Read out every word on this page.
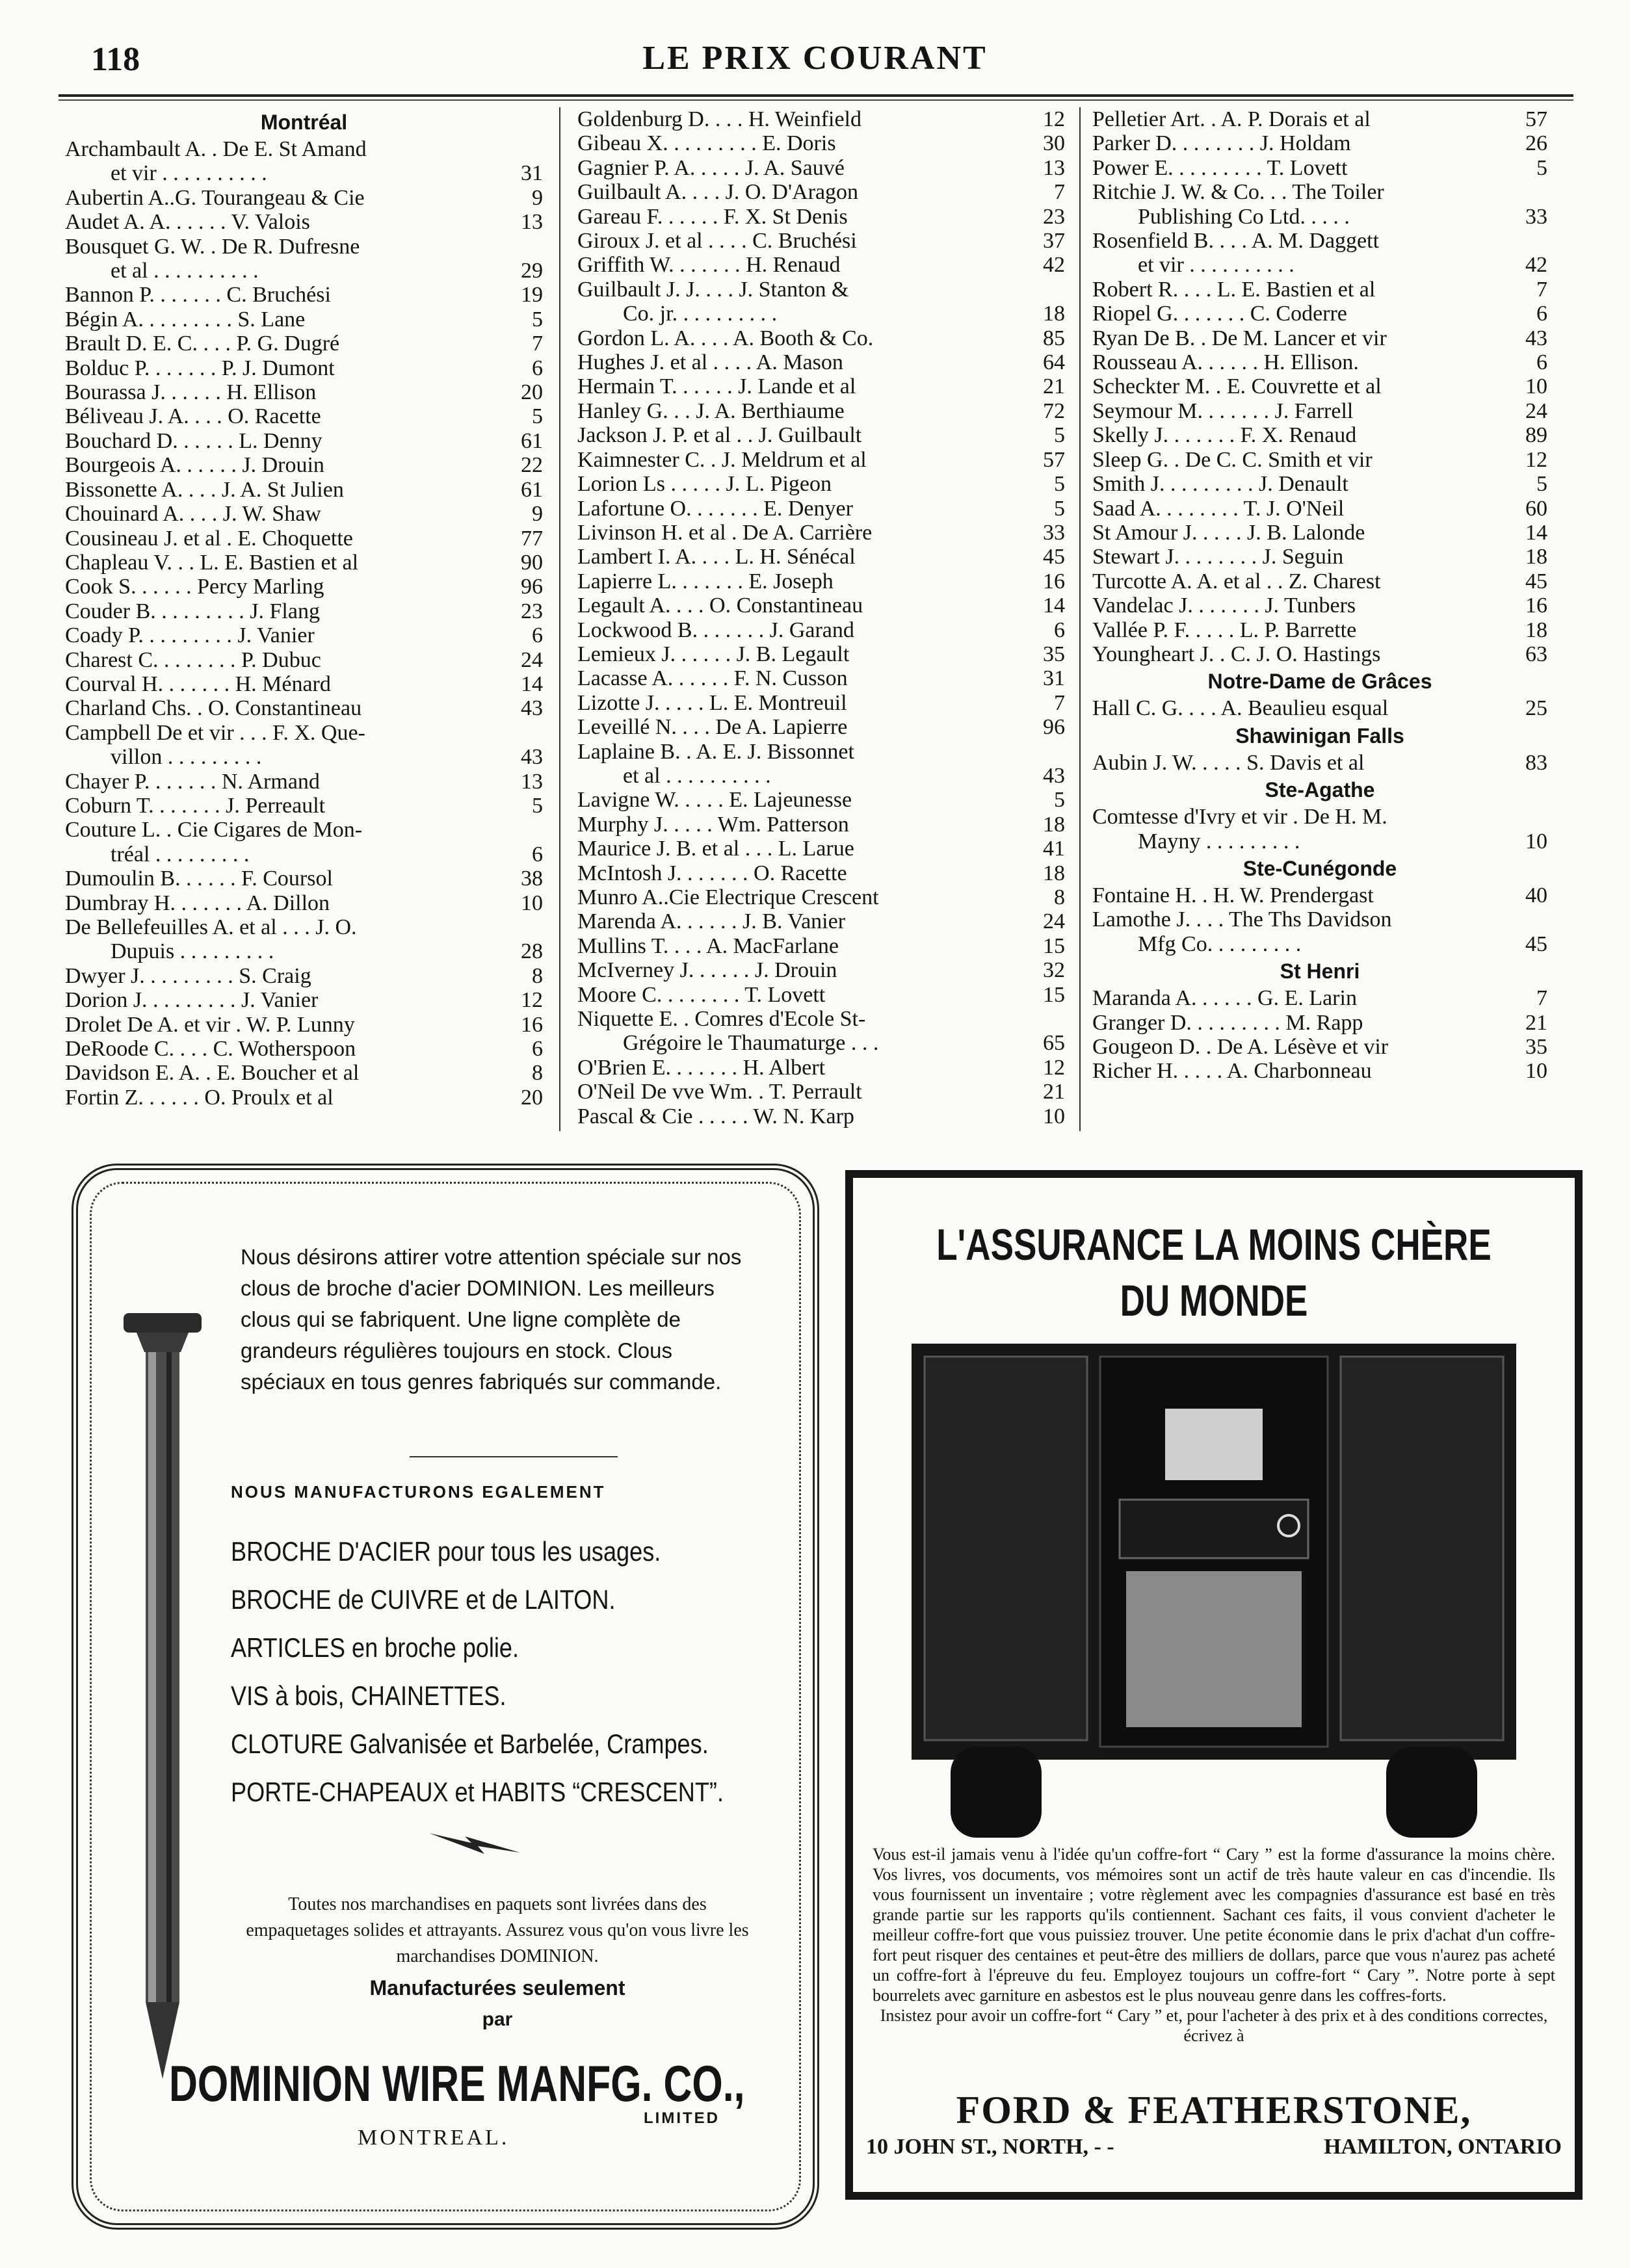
LE PRIX COURANT
118
Montréal
Archambault A. . De E. St Amand
et vir . . . . . . . . . .	31
Aubertin A..G. Tourangeau & Cie	9
Audet A. A. . . . . . V. Valois	13
Bousquet G. W. . De R. Dufresne
et al . . . . . . . . . .	29
Bannon P. . . . . . . C. Bruchési	19
Bégin A. . . . . . . . . S. Lane	5
Brault D. E. C. . . . P. G. Dugré	7
Bolduc P. . . . . . . P. J. Dumont	6
Bourassa J. . . . . . H. Ellison	20
Béliveau J. A. . . . O. Racette	5
Bouchard D. . . . . . L. Denny	61
Bourgeois A. . . . . . J. Drouin	22
Bissonette A. . . . J. A. St Julien	61
Chouinard A. . . . J. W. Shaw	9
Cousineau J. et al . E. Choquette	77
Chapleau V. . . L. E. Bastien et al	90
Cook S. . . . . . Percy Marling	96
Couder B. . . . . . . . . J. Flang	23
Coady P. . . . . . . . . J. Vanier	6
Charest C. . . . . . . . P. Dubuc	24
Courval H. . . . . . . H. Ménard	14
Charland Chs. . O. Constantineau	43
Campbell De et vir . . . F. X. Que-
villon . . . . . . . . .	43
Chayer P. . . . . . . N. Armand	13
Coburn T. . . . . . . J. Perreault	5
Couture L. . Cie Cigares de Mon-
tréal . . . . . . . . .	6
Dumoulin B. . . . . . F. Coursol	38
Dumbray H. . . . . . . A. Dillon	10
De Bellefeuilles A. et al . . . J. O.
Dupuis . . . . . . . . .	28
Dwyer J. . . . . . . . . S. Craig	8
Dorion J. . . . . . . . . J. Vanier	12
Drolet De A. et vir . W. P. Lunny	16
DeRoode C. . . . C. Wotherspoon	6
Davidson E. A. . E. Boucher et al	8
Fortin Z. . . . . . O. Proulx et al	20
Goldenburg D. . . . H. Weinfield	12
Gibeau X. . . . . . . . . E. Doris	30
Gagnier P. A. . . . . J. A. Sauvé	13
Guilbault A. . . . J. O. D'Aragon	7
Gareau F. . . . . . F. X. St Denis	23
Giroux J. et al . . . . C. Bruchési	37
Griffith W. . . . . . . H. Renaud	42
Guilbault J. J. . . . J. Stanton &
Co. jr. . . . . . . . . .	18
Gordon L. A. . . . A. Booth & Co.	85
Hughes J. et al . . . . A. Mason	64
Hermain T. . . . . . J. Lande et al	21
Hanley G. . . J. A. Berthiaume	72
Jackson J. P. et al . . J. Guilbault	5
Kaimnester C. . J. Meldrum et al	57
Lorion Ls . . . . . J. L. Pigeon	5
Lafortune O. . . . . . . E. Denyer	5
Livinson H. et al . De A. Carrière	33
Lambert I. A. . . . L. H. Sénécal	45
Lapierre L. . . . . . . E. Joseph	16
Legault A. . . . O. Constantineau	14
Lockwood B. . . . . . . J. Garand	6
Lemieux J. . . . . . J. B. Legault	35
Lacasse A. . . . . . F. N. Cusson	31
Lizotte J. . . . . L. E. Montreuil	7
Leveillé N. . . . De A. Lapierre	96
Laplaine B. . A. E. J. Bissonnet
et al . . . . . . . . . .	43
Lavigne W. . . . . E. Lajeunesse	5
Murphy J. . . . . Wm. Patterson	18
Maurice J. B. et al . . . L. Larue	41
McIntosh J. . . . . . . O. Racette	18
Munro A..Cie Electrique Crescent	8
Marenda A. . . . . . J. B. Vanier	24
Mullins T. . . . A. MacFarlane	15
McIverney J. . . . . . J. Drouin	32
Moore C. . . . . . . . T. Lovett	15
Niquette E. . Comres d'Ecole St-
Grégoire le Thaumaturge . . .	65
O'Brien E. . . . . . . H. Albert	12
O'Neil De vve Wm. . T. Perrault	21
Pascal & Cie . . . . . W. N. Karp	10
Pelletier Art. . A. P. Dorais et al	57
Parker D. . . . . . . . J. Holdam	26
Power E. . . . . . . . . T. Lovett	5
Ritchie J. W. & Co. . . The Toiler
Publishing Co Ltd. . . . .	33
Rosenfield B. . . . A. M. Daggett
et vir . . . . . . . . . .	42
Robert R. . . . L. E. Bastien et al	7
Riopel G. . . . . . . C. Coderre	6
Ryan De B. . De M. Lancer et vir	43
Rousseau A. . . . . . H. Ellison.	6
Scheckter M. . E. Couvrette et al	10
Seymour M. . . . . . . J. Farrell	24
Skelly J. . . . . . . F. X. Renaud	89
Sleep G. . De C. C. Smith et vir	12
Smith J. . . . . . . . . J. Denault	5
Saad A. . . . . . . . T. J. O'Neil	60
St Amour J. . . . . J. B. Lalonde	14
Stewart J. . . . . . . . J. Seguin	18
Turcotte A. A. et al . . Z. Charest	45
Vandelac J. . . . . . . J. Tunbers	16
Vallée P. F. . . . . L. P. Barrette	18
Youngheart J. . C. J. O. Hastings	63
Notre-Dame de Grâces
Hall C. G. . . . A. Beaulieu esqual	25
Shawinigan Falls
Aubin J. W. . . . . S. Davis et al	83
Ste-Agathe
Comtesse d'Ivry et vir . De H. M.
Mayny . . . . . . . . .	10
Ste-Cunégonde
Fontaine H. . H. W. Prendergast	40
Lamothe J. . . . The Ths Davidson
Mfg Co. . . . . . . . .	45
St Henri
Maranda A. . . . . . G. E. Larin	7
Granger D. . . . . . . . . M. Rapp	21
Gougeon D. . De A. Lésève et vir	35
Richer H. . . . . A. Charbonneau	10
Nous désirons attirer votre attention spéciale sur nos clous de broche d'acier DOMINION. Les meilleurs clous qui se fabriquent. Une ligne complète de grandeurs régulières toujours en stock. Clous spéciaux en tous genres fabriqués sur commande.
NOUS MANUFACTURONS EGALEMENT
BROCHE D'ACIER pour tous les usages.
BROCHE de CUIVRE et de LAITON.
ARTICLES en broche polie.
VIS à bois, CHAINETTES.
CLOTURE Galvanisée et Barbelée, Crampes.
PORTE-CHAPEAUX et HABITS “CRESCENT”.
Toutes nos marchandises en paquets sont livrées dans des empaquetages solides et attrayants. Assurez vous qu'on vous livre les marchandises DOMINION.
Manufacturées seulement
par
DOMINION WIRE MANFG. CO.,
LIMITED
MONTREAL.
L'ASSURANCE LA MOINS CHÈRE
DU MONDE
Vous est-il jamais venu à l'idée qu'un coffre-fort “ Cary ” est la forme d'assurance la moins chère. Vos livres, vos documents, vos mémoires sont un actif de très haute valeur en cas d'incendie. Ils vous fournissent un inventaire ; votre règlement avec les compagnies d'assurance est basé en très grande partie sur les rapports qu'ils contiennent. Sachant ces faits, il vous convient d'acheter le meilleur coffre-fort que vous puissiez trouver. Une petite économie dans le prix d'achat d'un coffre-fort peut risquer des centaines et peut-être des milliers de dollars, parce que vous n'aurez pas acheté un coffre-fort à l'épreuve du feu. Employez toujours un coffre-fort “ Cary ”. Notre porte à sept bourrelets avec garniture en asbestos est le plus nouveau genre dans les coffres-forts.
Insistez pour avoir un coffre-fort “ Cary ” et, pour l'acheter à des prix et à des conditions correctes, écrivez à
FORD & FEATHERSTONE,
10 JOHN ST., NORTH, - -	HAMILTON, ONTARIO
